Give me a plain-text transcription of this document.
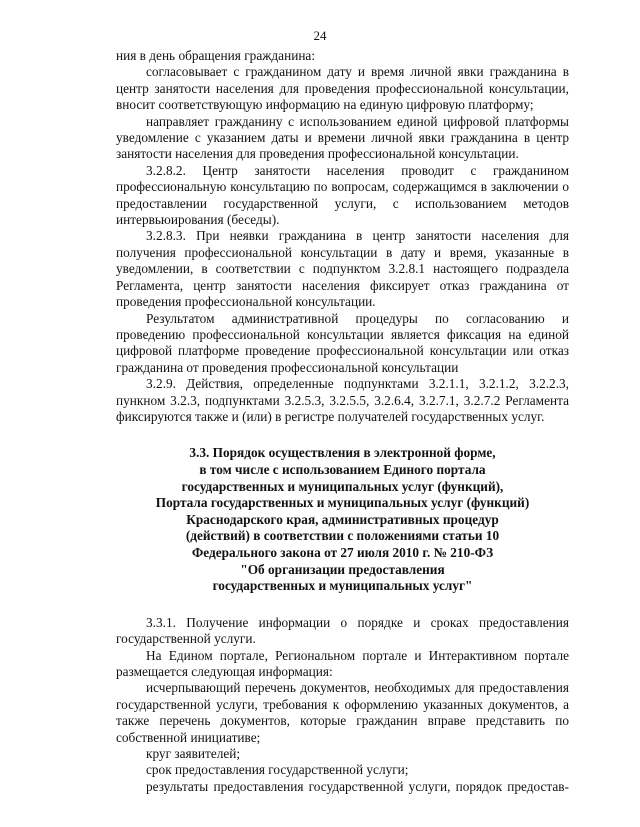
24

ния в день обращения гражданина:

согласовывает с гражданином дату и время личной явки гражданина в центр занятости населения для проведения профессиональной консультации, вносит соответствующую информацию на единую цифровую платформу;

направляет гражданину с использованием единой цифровой платформы уведомление с указанием даты и времени личной явки гражданина в центр занятости населения для проведения профессиональной консультации.

3.2.8.2. Центр занятости населения проводит с гражданином профессиональную консультацию по вопросам, содержащимся в заключении о предоставлении государственной услуги, с использованием методов интервьюирования (беседы).

3.2.8.3. При неявки гражданина в центр занятости населения для получения профессиональной консультации в дату и время, указанные в уведомлении, в соответствии с подпунктом 3.2.8.1 настоящего подраздела Регламента, центр занятости населения фиксирует отказ гражданина от проведения профессиональной консультации.

Результатом административной процедуры по согласованию и проведению профессиональной консультации является фиксация на единой цифровой платформе проведение профессиональной консультации или отказ гражданина от проведения профессиональной консультации

3.2.9. Действия, определенные подпунктами 3.2.1.1, 3.2.1.2, 3.2.2.3, пункном 3.2.3, подпунктами 3.2.5.3, 3.2.5.5, 3.2.6.4, 3.2.7.1, 3.2.7.2 Регламента фиксируются также и (или) в регистре получателей государственных услуг.

3.3. Порядок осуществления в электронной форме,
в том числе с использованием Единого портала
государственных и муниципальных услуг (функций),
Портала государственных и муниципальных услуг (функций)
Краснодарского края, административных процедур
(действий) в соответствии с положениями статьи 10
Федерального закона от 27 июля 2010 г. № 210-ФЗ
"Об организации предоставления
государственных и муниципальных услуг"

3.3.1. Получение информации о порядке и сроках предоставления государственной услуги.

На Едином портале, Региональном портале и Интерактивном портале размещается следующая информация:

исчерпывающий перечень документов, необходимых для предоставления государственной услуги, требования к оформлению указанных документов, а также перечень документов, которые гражданин вправе представить по собственной инициативе;

круг заявителей;

срок предоставления государственной услуги;

результаты предоставления государственной услуги, порядок предостав-
